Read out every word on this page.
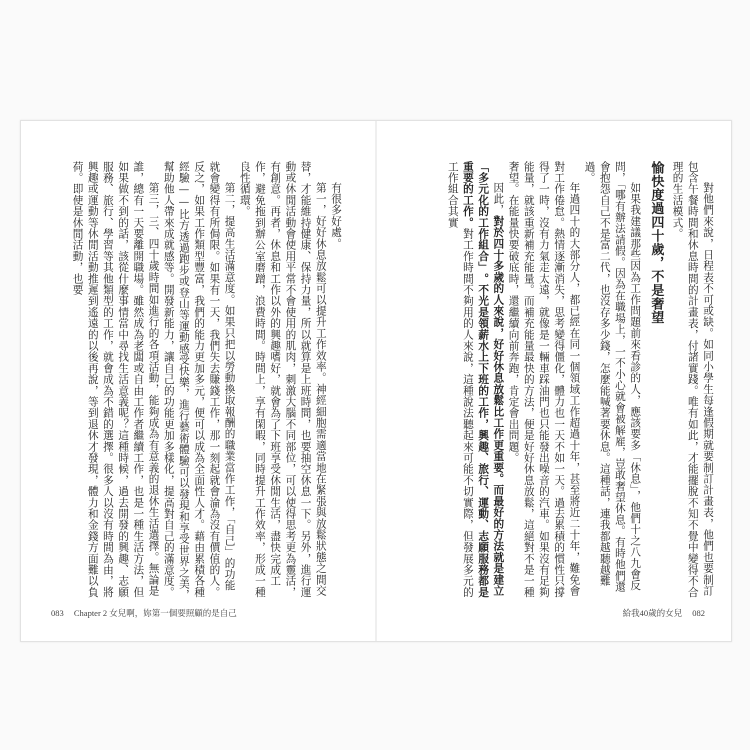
有很多好處。

第一，好好休息放鬆可以提升工作效率。神經細胞需適當地在緊張與放鬆狀態之間交替，才能維持健康、保持力量，所以就算是上班時間，也要抽空休息一下。另外，進行運動或休閒活動會使用平常不會使用的肌肉，刺激大腦不同部位，可以使得思考更為靈活，有創意。再者，休息和工作以外的興趣嗜好，就會為了下班享受休閒生活，盡快完成工作，避免拖到辦公室磨蹭，浪費時間。時間上，享有閑暇，同時提升工作效率，形成一種良性循環。

第二，提高生活滿意度。如果只把以勞動換取報酬的職業當作工作，「自己」的功能就會變得有所侷限。如果有一天，我們失去賺錢工作，那一刻起就會淪為沒有價值的人。反之，如果工作類型豐富，我們的能力更加多元，便可以成為全面性人才。藉由累積各種經驗——比方透過跑步或登山等運動感受快樂，進行藝術體驗可以發現和享受世界之美，幫助他人帶來成就感等。開發新能力，讓自己的功能更加多樣化，提高對自己的滿意度。

第三，三、四十歲時間如進行的各項活動，能夠成為有意義的退休生活選擇。無論是誰，總有一天要離開職場。雖然成為老闆或自由工作者繼續工作，也是一種生活方法，但如果做不到的話，該從什麼事情當中尋找生活意義呢？這種時候，過去開發的興趣、志願服務、旅行、學習等其他類型的工作，就會成為不錯的選擇。很多人以沒有時間為由，將興趣或運動等休閒活動推遲到遙遠的以後再說，等到退休才發現，體力和金錢方面難以負荷。即使是休閒活動，也要

083 Chapter 2 女兒啊，妳第一個要照顧的是自己

對他們來說，日程表不可或缺。如同小學生每逢假期就要制訂計畫表，他們也要制訂包含午餐時間和休息時間的計畫表，付諸實踐。唯有如此，才能擺脫不知不覺中變得不合理的生活模式。

愉快度過四十歲，不是奢望

如果我建議那些因為工作問題前來看診的人，應該要多「休息」，他們十之八九會反問，「哪有辦法請假。因為在職場上，一不小心就會被解雇，豈敢奢望休息。有時他們還會抱怨自己不是富二代，也沒存多少錢，怎麼能喊著要休息。這種話，連我都越聽越難過。

年過四十的大部分人，都已經在同一個領域工作超過十年，甚至將近二十年，難免會對工作倦怠。熱情逐漸消失，思考變得僵化，體力也一天不如一天。過去累積的慣性只撐得了一時，沒有力氣走太遠，就像是一輛車踩油門也只能發出噪音的汽車。如果沒有足夠能量，就該重新補充能量。而補充能量最快的方法，便是好好休息放鬆，這絕對不是一種奢望。在能量快要破底時，還繼續向前奔跑，肯定會出問題。

因此，對於四十多歲的人來說，好好休息放鬆比工作更重要。而最好的方法就是建立「多元化的工作組合」。不光是領薪水上下班的工作，興趣、旅行、運動、志願服務都是重要的工作。對工作時間不夠用的人來說，這種說法聽起來可能不切實際，但發展多元的工作組合其實

給我40歲的女兒 082
